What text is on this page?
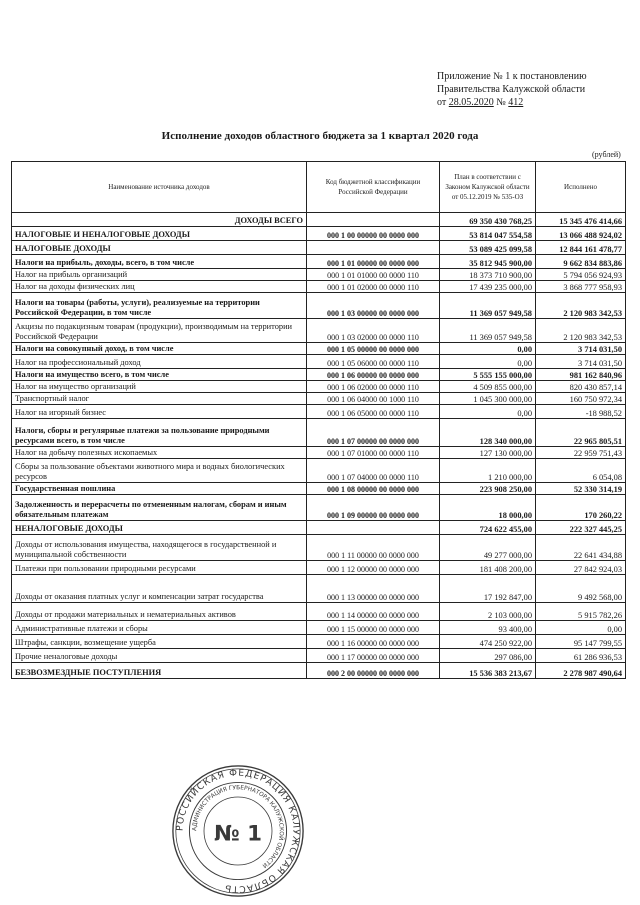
Приложение № 1 к постановлению
Правительства Калужской области
от 28.05.2020 № 412
Исполнение доходов областного бюджета за 1 квартал 2020 года
(рублей)
Наименование источника доходов	Код бюджетной классификации Российской Федерации	План в соответствии с Законом Калужской области от 05.12.2019 № 535-ОЗ	Исполнено
ДОХОДЫ ВСЕГО		69 350 430 768,25	15 345 476 414,66
НАЛОГОВЫЕ И НЕНАЛОГОВЫЕ ДОХОДЫ	000 1 00 00000 00 0000 000	53 814 047 554,58	13 066 488 924,02
НАЛОГОВЫЕ ДОХОДЫ		53 089 425 099,58	12 844 161 478,77
Налоги на прибыль, доходы, всего, в том числе	000 1 01 00000 00 0000 000	35 812 945 900,00	9 662 834 883,86
Налог на прибыль организаций	000 1 01 01000 00 0000 110	18 373 710 900,00	5 794 056 924,93
Налог на доходы физических лиц	000 1 01 02000 00 0000 110	17 439 235 000,00	3 868 777 958,93
Налоги на товары (работы, услуги), реализуемые на территории Российской Федерации, в том числе	000 1 03 00000 00 0000 000	11 369 057 949,58	2 120 983 342,53
Акцизы по подакцизным товарам (продукции), производимым на территории Российской Федерации	000 1 03 02000 00 0000 110	11 369 057 949,58	2 120 983 342,53
Налоги на совокупный доход, в том числе	000 1 05 00000 00 0000 000	0,00	3 714 031,50
Налог на профессиональный доход	000 1 05 06000 00 0000 110	0,00	3 714 031,50
Налоги на имущество всего, в том числе	000 1 06 00000 00 0000 000	5 555 155 000,00	981 162 840,96
Налог на имущество организаций	000 1 06 02000 00 0000 110	4 509 855 000,00	820 430 857,14
Транспортный налог	000 1 06 04000 00 1000 110	1 045 300 000,00	160 750 972,34
Налог на игорный бизнес	000 1 06 05000 00 0000 110	0,00	-18 988,52
Налоги, сборы и регулярные платежи за пользование природными ресурсами всего, в том числе	000 1 07 00000 00 0000 000	128 340 000,00	22 965 805,51
Налог на добычу полезных ископаемых	000 1 07 01000 00 0000 110	127 130 000,00	22 959 751,43
Сборы за пользование объектами животного мира и водных биологических ресурсов	000 1 07 04000 00 0000 110	1 210 000,00	6 054,08
Государственная пошлина	000 1 08 00000 00 0000 000	223 908 250,00	52 330 314,19
Задолженность и перерасчеты по отмененным налогам, сборам и иным обязательным платежам	000 1 09 00000 00 0000 000	18 000,00	170 260,22
НЕНАЛОГОВЫЕ ДОХОДЫ		724 622 455,00	222 327 445,25
Доходы от использования имущества, находящегося в государственной и муниципальной собственности	000 1 11 00000 00 0000 000	49 277 000,00	22 641 434,88
Платежи при пользовании природными ресурсами	000 1 12 00000 00 0000 000	181 408 200,00	27 842 924,03
Доходы от оказания платных услуг и компенсации затрат государства	000 1 13 00000 00 0000 000	17 192 847,00	9 492 568,00
Доходы от продажи материальных и нематериальных активов	000 1 14 00000 00 0000 000	2 103 000,00	5 915 782,26
Административные платежи и сборы	000 1 15 00000 00 0000 000	93 400,00	0,00
Штрафы, санкции, возмещение ущерба	000 1 16 00000 00 0000 000	474 250 922,00	95 147 799,55
Прочие неналоговые доходы	000 1 17 00000 00 0000 000	297 086,00	61 286 936,53
БЕЗВОЗМЕЗДНЫЕ ПОСТУПЛЕНИЯ	000 2 00 00000 00 0000 000	15 536 383 213,67	2 278 987 490,64
РОССИЙСКАЯ ФЕДЕРАЦИЯ КАЛУЖСКАЯ ОБЛАСТЬ
АДМИНИСТРАЦИЯ ГУБЕРНАТОРА КАЛУЖСКОЙ ОБЛАСТИ
№ 1
